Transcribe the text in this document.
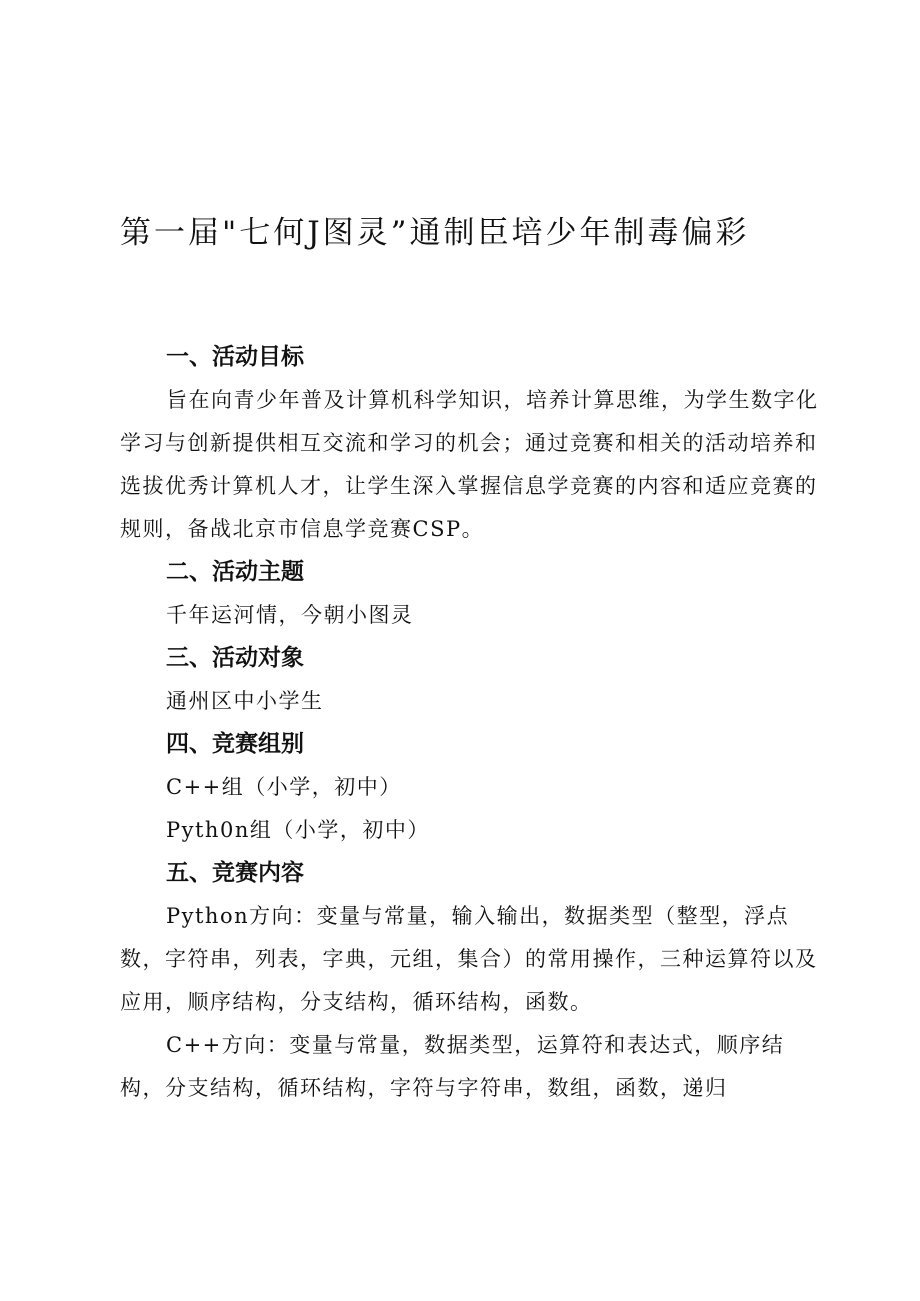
第一届"七何J图灵”通制臣培少年制毒偏彩
一、活动目标

旨在向青少年普及计算机科学知识，培养计算思维，为学生数字化学习与创新提供相互交流和学习的机会；通过竞赛和相关的活动培养和选拔优秀计算机人才，让学生深入掌握信息学竞赛的内容和适应竞赛的规则，备战北京市信息学竞赛CSP。

二、活动主题
千年运河情，今朝小图灵
三、活动对象
通州区中小学生
四、竞赛组别
C++组（小学，初中）
Pyth0n组（小学，初中）
五、竞赛内容

Python方向：变量与常量，输入输出，数据类型（整型，浮点数，字符串，列表，字典，元组，集合）的常用操作，三种运算符以及应用，顺序结构，分支结构，循环结构，函数。

C++方向：变量与常量，数据类型，运算符和表达式，顺序结构，分支结构，循环结构，字符与字符串，数组，函数，递归
